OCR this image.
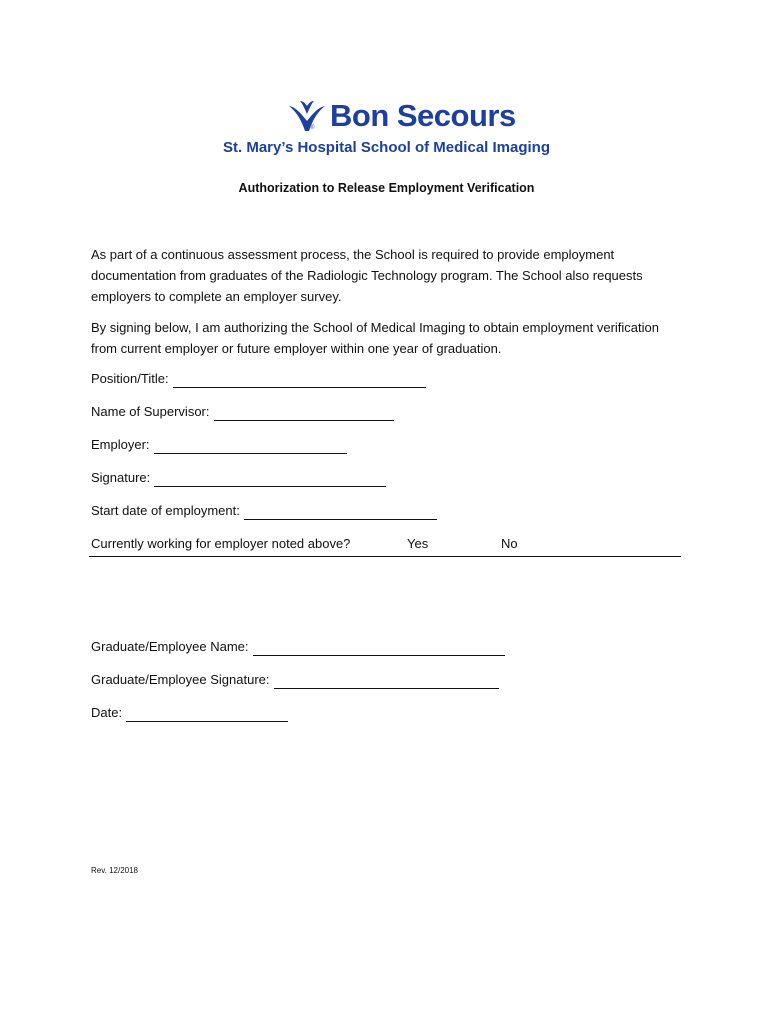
Bon Secours
®
St. Mary’s Hospital School of Medical Imaging
Authorization to Release Employment Verification
As part of a continuous assessment process, the School is required to provide employment
documentation from graduates of the Radiologic Technology program. The School also requests
employers to complete an employer survey.
By signing below, I am authorizing the School of Medical Imaging to obtain employment verification
from current employer or future employer within one year of graduation.
Position/Title:
Name of Supervisor:
Employer:
Signature:
Start date of employment:
Currently working for employer noted above?	Yes	No
Graduate/Employee Name:
Graduate/Employee Signature:
Date:
Rev. 12/2018
